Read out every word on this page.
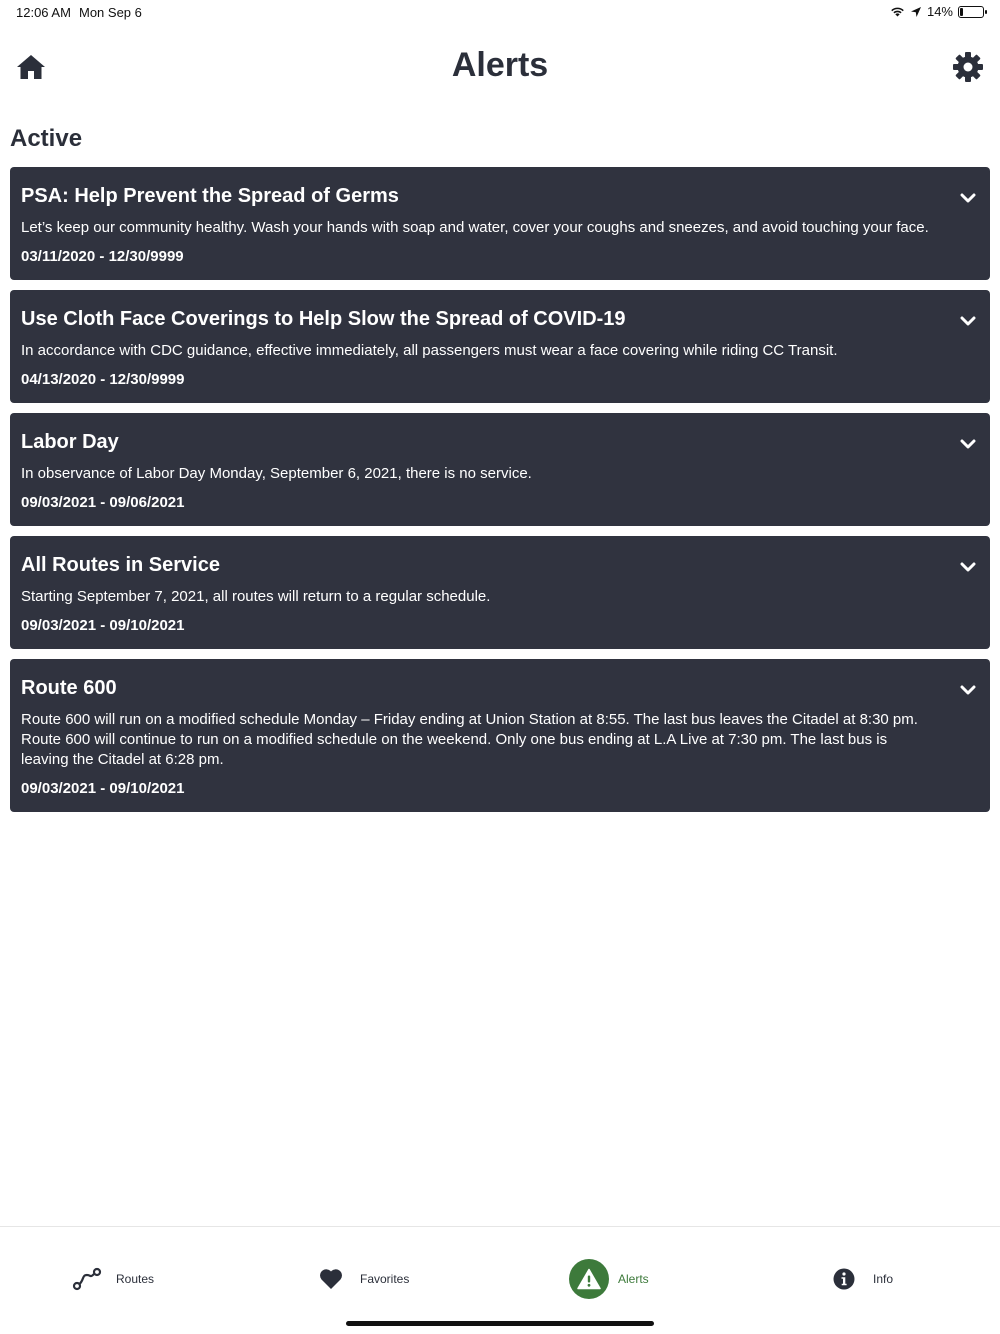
12:06 AM Mon Sep 6	14%
Alerts
Active
PSA: Help Prevent the Spread of Germs
Let’s keep our community healthy. Wash your hands with soap and water, cover your coughs and sneezes, and avoid touching your face.
03/11/2020 - 12/30/9999
Use Cloth Face Coverings to Help Slow the Spread of COVID-19
In accordance with CDC guidance, effective immediately, all passengers must wear a face covering while riding CC Transit.
04/13/2020 - 12/30/9999
Labor Day
In observance of Labor Day Monday, September 6, 2021, there is no service.
09/03/2021 - 09/06/2021
All Routes in Service
Starting September 7, 2021, all routes will return to a regular schedule.
09/03/2021 - 09/10/2021
Route 600
Route 600 will run on a modified schedule Monday – Friday ending at Union Station at 8:55. The last bus leaves the Citadel at 8:30 pm. Route 600 will continue to run on a modified schedule on the weekend. Only one bus ending at L.A Live at 7:30 pm. The last bus is leaving the Citadel at 6:28 pm.
09/03/2021 - 09/10/2021
Routes	Favorites	Alerts	Info
